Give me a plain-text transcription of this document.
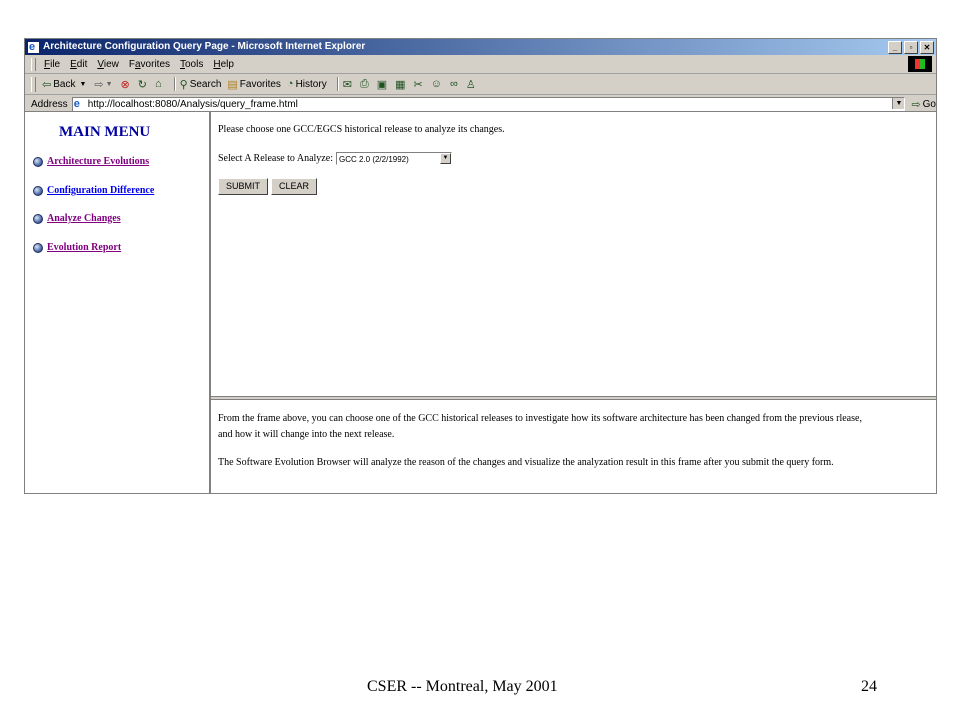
e
Architecture Configuration Query Page - Microsoft Internet Explorer	_	▫	✕
File Edit View Favorites Tools Help
⇦ Back ▼ ⇨ ▼ ⊗ ↻ ⌂ ⚲ Search ▤ Favorites ◔ History ✉ ⎙ ▣ ▦ ✂ ☺ ∞ ♙
Address e http://localhost:8080/Analysis/query_frame.html	▼ ⇨ Go
MAIN MENU
Architecture Evolutions
Configuration Difference
Analyze Changes
Evolution Report
Please choose one GCC/EGCS historical release to analyze its changes.
Select A Release to Analyze: GCC 2.0 (2/2/1992)	▼
SUBMIT	CLEAR
From the frame above, you can choose one of the GCC historical releases to investigate how its software architecture has been changed from the previous rlease,
and how it will change into the next release.
The Software Evolution Browser will analyze the reason of the changes and visualize the analyzation result in this frame after you submit the query form.
CSER -- Montreal, May 2001	24
